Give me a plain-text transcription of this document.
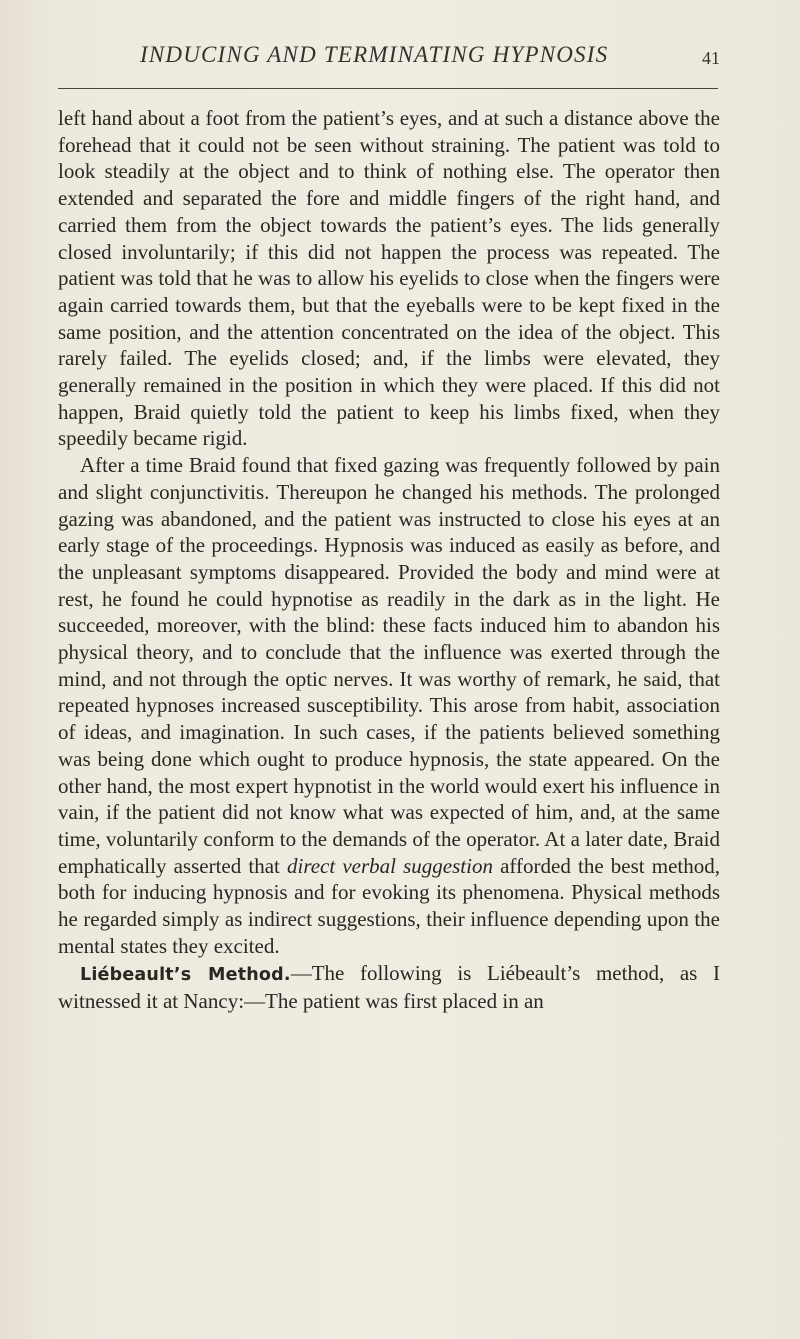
INDUCING AND TERMINATING HYPNOSIS	41

left hand about a foot from the patient’s eyes, and at such a distance above the forehead that it could not be seen without straining. The patient was told to look steadily at the object and to think of nothing else. The operator then extended and separated the fore and middle fingers of the right hand, and carried them from the object towards the patient’s eyes. The lids generally closed involuntarily; if this did not happen the process was repeated. The patient was told that he was to allow his eyelids to close when the fingers were again carried towards them, but that the eyeballs were to be kept fixed in the same position, and the attention concentrated on the idea of the object. This rarely failed. The eyelids closed; and, if the limbs were elevated, they generally remained in the position in which they were placed. If this did not happen, Braid quietly told the patient to keep his limbs fixed, when they speedily became rigid.

After a time Braid found that fixed gazing was frequently followed by pain and slight conjunctivitis. Thereupon he changed his methods. The prolonged gazing was abandoned, and the patient was instructed to close his eyes at an early stage of the proceedings. Hypnosis was induced as easily as before, and the unpleasant symptoms disappeared. Provided the body and mind were at rest, he found he could hypnotise as readily in the dark as in the light. He succeeded, moreover, with the blind: these facts induced him to abandon his physical theory, and to conclude that the influence was exerted through the mind, and not through the optic nerves. It was worthy of remark, he said, that repeated hypnoses increased susceptibility. This arose from habit, association of ideas, and imagination. In such cases, if the patients believed something was being done which ought to produce hypnosis, the state appeared. On the other hand, the most expert hypnotist in the world would exert his influence in vain, if the patient did not know what was expected of him, and, at the same time, voluntarily conform to the demands of the operator. At a later date, Braid emphatically asserted that direct verbal suggestion afforded the best method, both for inducing hypnosis and for evoking its phenomena. Physical methods he regarded simply as indirect suggestions, their influence depending upon the mental states they excited.

Liébeault’s Method.—The following is Liébeault’s method, as I witnessed it at Nancy:—The patient was first placed in an
